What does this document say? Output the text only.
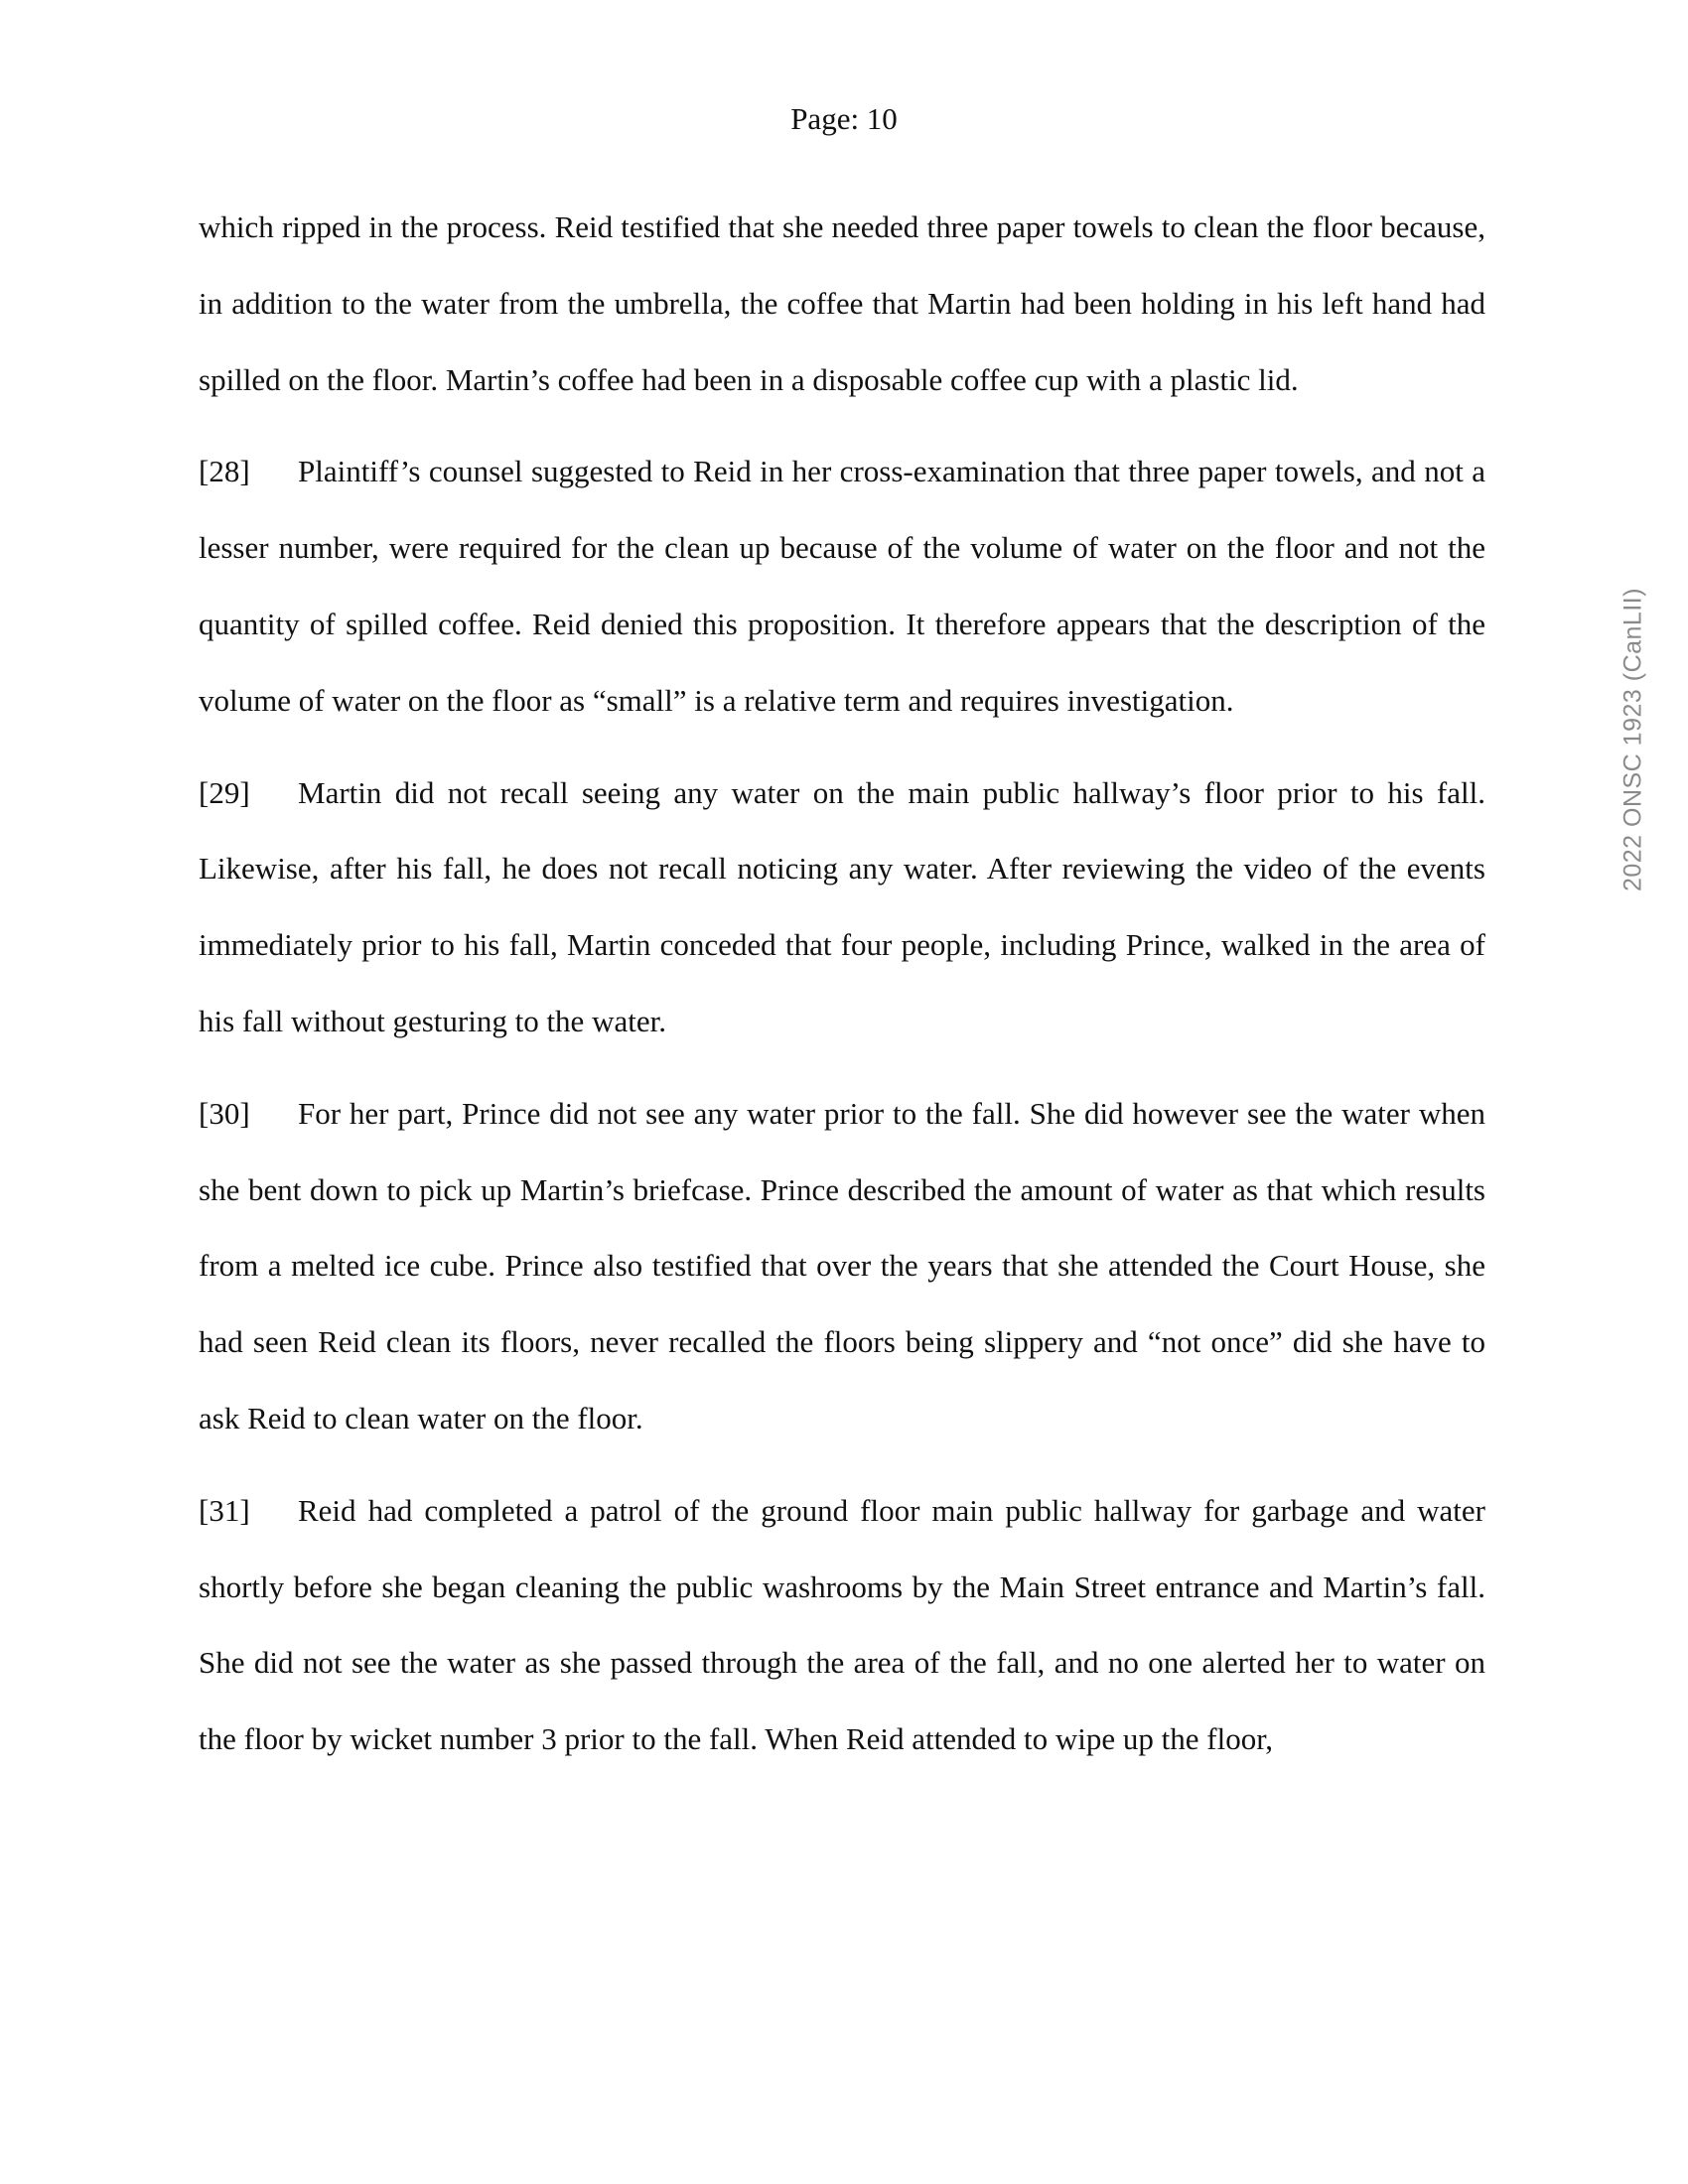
Page: 10
2022 ONSC 1923 (CanLII)

which ripped in the process. Reid testified that she needed three paper towels to clean the floor because, in addition to the water from the umbrella, the coffee that Martin had been holding in his left hand had spilled on the floor. Martin’s coffee had been in a disposable coffee cup with a plastic lid.

[28] Plaintiff’s counsel suggested to Reid in her cross-examination that three paper towels, and not a lesser number, were required for the clean up because of the volume of water on the floor and not the quantity of spilled coffee. Reid denied this proposition. It therefore appears that the description of the volume of water on the floor as “small” is a relative term and requires investigation.

[29] Martin did not recall seeing any water on the main public hallway’s floor prior to his fall. Likewise, after his fall, he does not recall noticing any water. After reviewing the video of the events immediately prior to his fall, Martin conceded that four people, including Prince, walked in the area of his fall without gesturing to the water.

[30] For her part, Prince did not see any water prior to the fall. She did however see the water when she bent down to pick up Martin’s briefcase. Prince described the amount of water as that which results from a melted ice cube. Prince also testified that over the years that she attended the Court House, she had seen Reid clean its floors, never recalled the floors being slippery and “not once” did she have to ask Reid to clean water on the floor.

[31] Reid had completed a patrol of the ground floor main public hallway for garbage and water shortly before she began cleaning the public washrooms by the Main Street entrance and Martin’s fall. She did not see the water as she passed through the area of the fall, and no one alerted her to water on the floor by wicket number 3 prior to the fall. When Reid attended to wipe up the floor,
